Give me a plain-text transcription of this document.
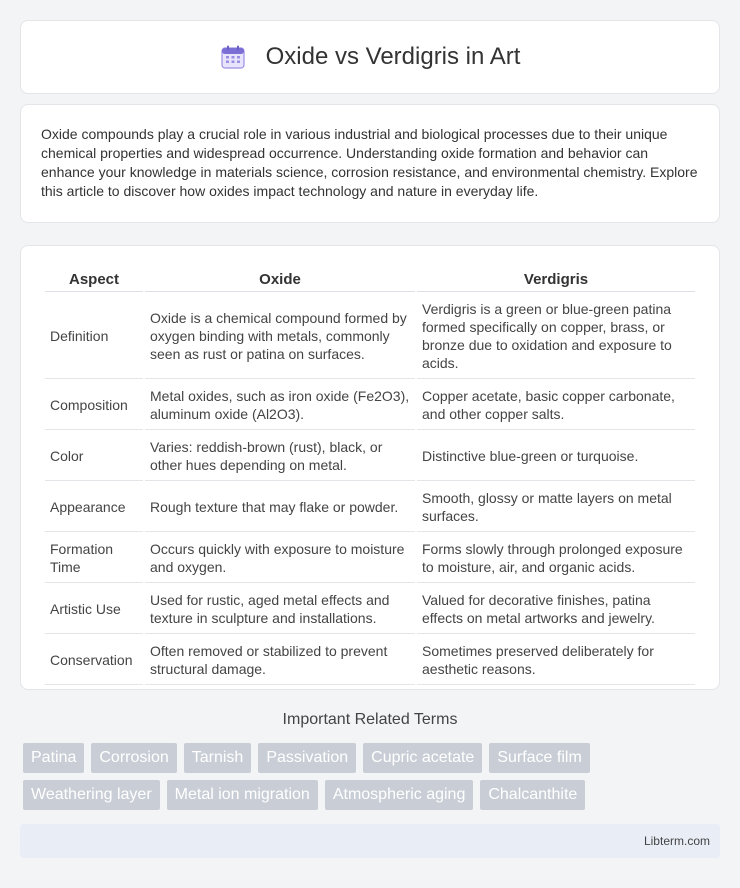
Oxide vs Verdigris in Art

Oxide compounds play a crucial role in various industrial and biological processes due to their unique chemical properties and widespread occurrence. Understanding oxide formation and behavior can enhance your knowledge in materials science, corrosion resistance, and environmental chemistry. Explore this article to discover how oxides impact technology and nature in everyday life.

Aspect	Oxide	Verdigris
Definition	Oxide is a chemical compound formed by oxygen binding with metals, commonly seen as rust or patina on surfaces.	Verdigris is a green or blue-green patina formed specifically on copper, brass, or bronze due to oxidation and exposure to acids.
Composition	Metal oxides, such as iron oxide (Fe2O3), aluminum oxide (Al2O3).	Copper acetate, basic copper carbonate, and other copper salts.
Color	Varies: reddish-brown (rust), black, or other hues depending on metal.	Distinctive blue-green or turquoise.
Appearance	Rough texture that may flake or powder.	Smooth, glossy or matte layers on metal surfaces.
Formation Time	Occurs quickly with exposure to moisture and oxygen.	Forms slowly through prolonged exposure to moisture, air, and organic acids.
Artistic Use	Used for rustic, aged metal effects and texture in sculpture and installations.	Valued for decorative finishes, patina effects on metal artworks and jewelry.
Conservation	Often removed or stabilized to prevent structural damage.	Sometimes preserved deliberately for aesthetic reasons.
Important Related Terms
Patina	Corrosion	Tarnish	Passivation	Cupric acetate	Surface film
Weathering layer	Metal ion migration	Atmospheric aging	Chalcanthite
Libterm.com
